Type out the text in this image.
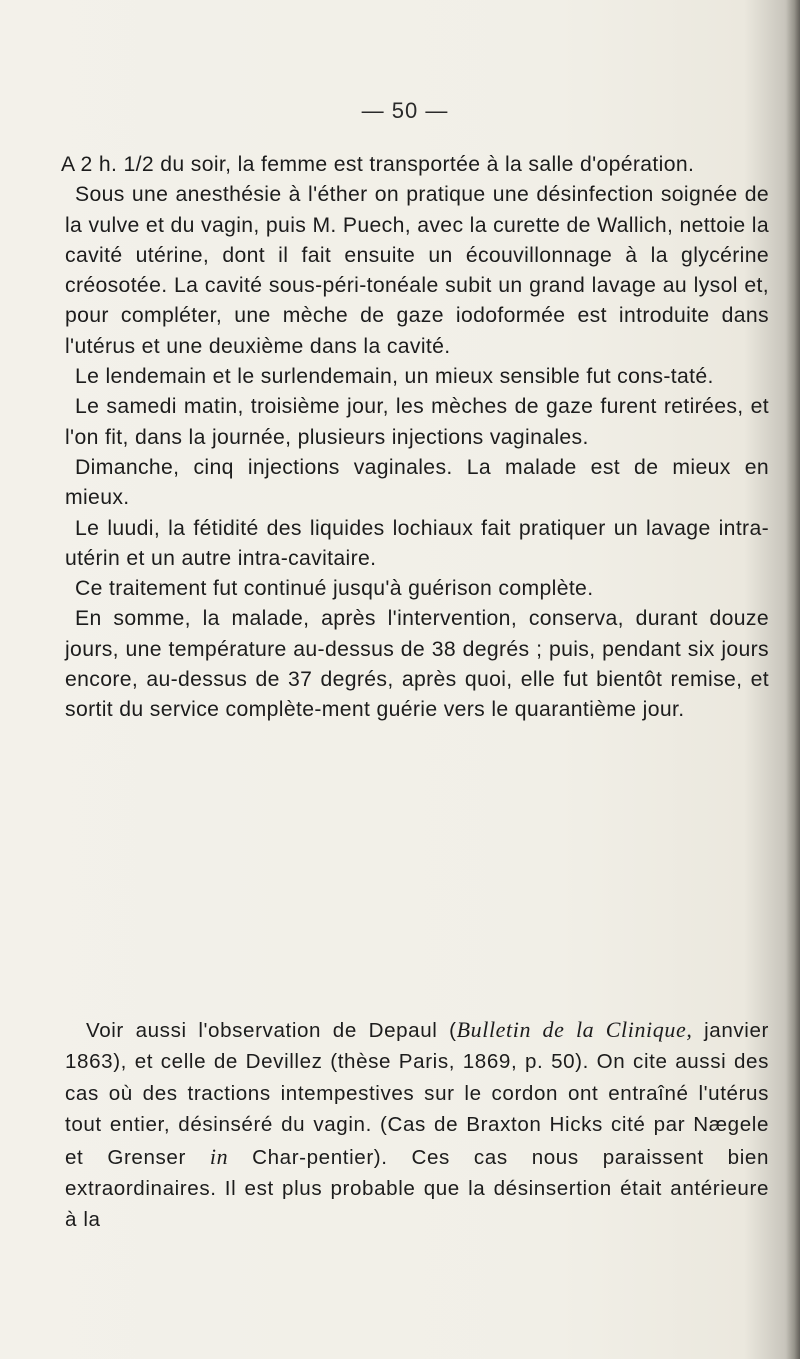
— 50 —

A 2 h. 1/2 du soir, la femme est transportée à la salle d'opération.

Sous une anesthésie à l'éther on pratique une désinfection soignée de la vulve et du vagin, puis M. Puech, avec la curette de Wallich, nettoie la cavité utérine, dont il fait ensuite un écouvillonnage à la glycérine créosotée. La cavité sous-péri-tonéale subit un grand lavage au lysol et, pour compléter, une mèche de gaze iodoformée est introduite dans l'utérus et une deuxième dans la cavité.

Le lendemain et le surlendemain, un mieux sensible fut cons-taté.

Le samedi matin, troisième jour, les mèches de gaze furent retirées, et l'on fit, dans la journée, plusieurs injections vaginales.

Dimanche, cinq injections vaginales. La malade est de mieux en mieux.

Le luudi, la fétidité des liquides lochiaux fait pratiquer un lavage intra-utérin et un autre intra-cavitaire.

Ce traitement fut continué jusqu'à guérison complète.

En somme, la malade, après l'intervention, conserva, durant douze jours, une température au-dessus de 38 degrés ; puis, pendant six jours encore, au-dessus de 37 degrés, après quoi, elle fut bientôt remise, et sortit du service complète-ment guérie vers le quarantième jour.

Voir aussi l'observation de Depaul (Bulletin de la Clinique, janvier 1863), et celle de Devillez (thèse Paris, 1869, p. 50). On cite aussi des cas où des tractions intempestives sur le cordon ont entraîné l'utérus tout entier, désinséré du vagin. (Cas de Braxton Hicks cité par Nægele et Grenser in Char-pentier). Ces cas nous paraissent bien extraordinaires. Il est plus probable que la désinsertion était antérieure à la
